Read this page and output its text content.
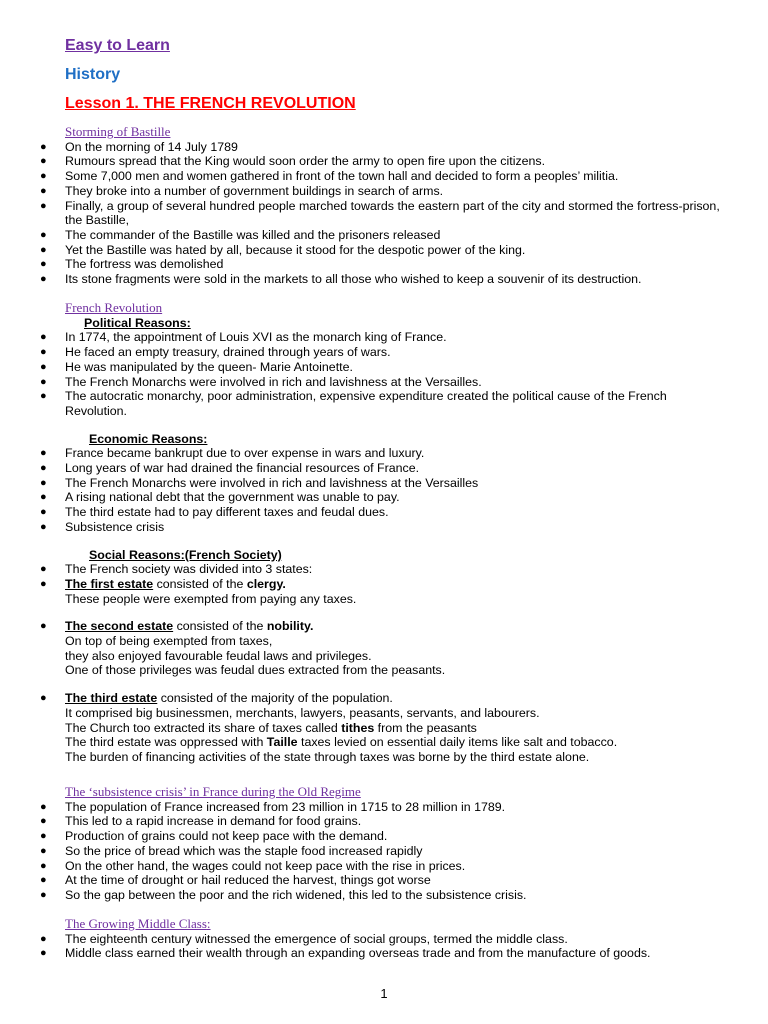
Easy to Learn
History
Lesson 1. THE FRENCH REVOLUTION
Storming of Bastille
● On the morning of 14 July 1789
● Rumours spread that the King would soon order the army to open fire upon the citizens.
● Some 7,000 men and women gathered in front of the town hall and decided to form a peoples’ militia.
● They broke into a number of government buildings in search of arms.
● Finally, a group of several hundred people marched towards the eastern part of the city and stormed the fortress-prison, the Bastille,
● The commander of the Bastille was killed and the prisoners released
● Yet the Bastille was hated by all, because it stood for the despotic power of the king.
● The fortress was demolished
● Its stone fragments were sold in the markets to all those who wished to keep a souvenir of its destruction.
French Revolution
Political Reasons:
● In 1774, the appointment of Louis XVI as the monarch king of France.
● He faced an empty treasury, drained through years of wars.
● He was manipulated by the queen- Marie Antoinette.
● The French Monarchs were involved in rich and lavishness at the Versailles.
● The autocratic monarchy, poor administration, expensive expenditure created the political cause of the French Revolution.
Economic Reasons:
● France became bankrupt due to over expense in wars and luxury.
● Long years of war had drained the financial resources of France.
● The French Monarchs were involved in rich and lavishness at the Versailles
● A rising national debt that the government was unable to pay.
● The third estate had to pay different taxes and feudal dues.
● Subsistence crisis
Social Reasons:(French Society)
● The French society was divided into 3 states:
● The first estate consisted of the clergy.
These people were exempted from paying any taxes.
● The second estate consisted of the nobility.
On top of being exempted from taxes,
they also enjoyed favourable feudal laws and privileges.
One of those privileges was feudal dues extracted from the peasants.
● The third estate consisted of the majority of the population.
It comprised big businessmen, merchants, lawyers, peasants, servants, and labourers.
The Church too extracted its share of taxes called tithes from the peasants
The third estate was oppressed with Taille taxes levied on essential daily items like salt and tobacco.
The burden of financing activities of the state through taxes was borne by the third estate alone.
The ‘subsistence crisis’ in France during the Old Regime
● The population of France increased from 23 million in 1715 to 28 million in 1789.
● This led to a rapid increase in demand for food grains.
● Production of grains could not keep pace with the demand.
● So the price of bread which was the staple food increased rapidly
● On the other hand, the wages could not keep pace with the rise in prices.
● At the time of drought or hail reduced the harvest, things got worse
● So the gap between the poor and the rich widened, this led to the subsistence crisis.
The Growing Middle Class:
● The eighteenth century witnessed the emergence of social groups, termed the middle class.
● Middle class earned their wealth through an expanding overseas trade and from the manufacture of goods.
1
